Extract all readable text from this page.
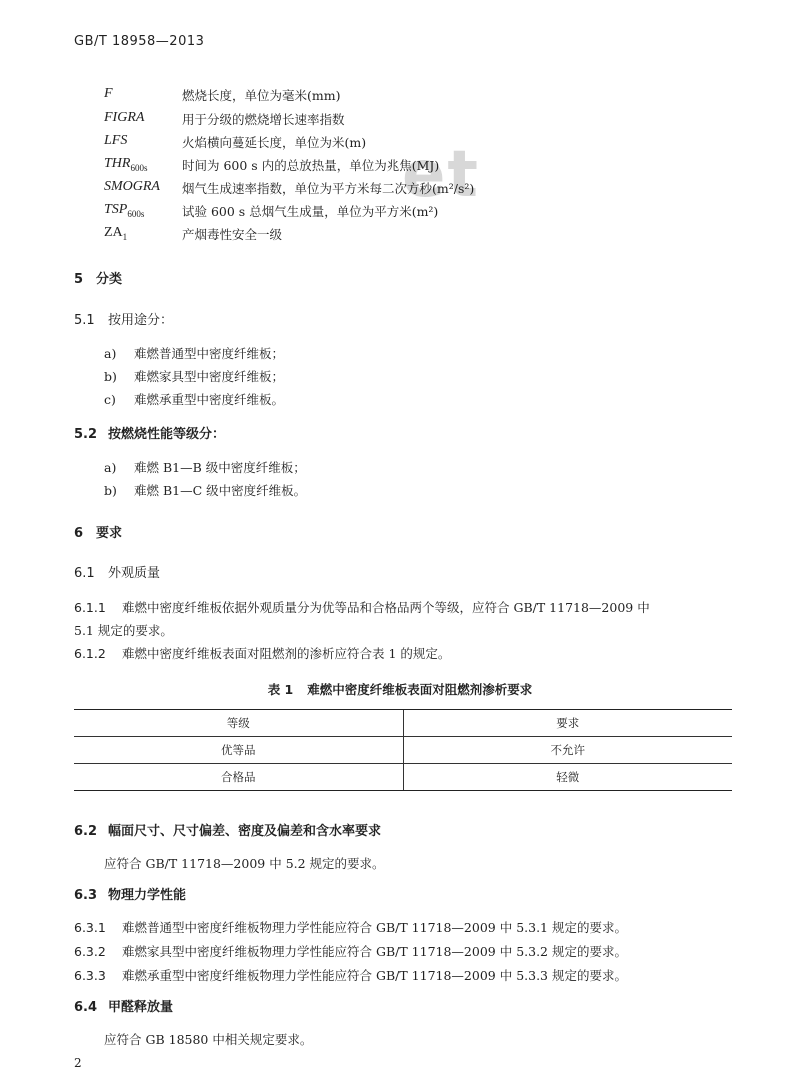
GB/T 18958—2013
et
F	燃烧长度，单位为毫米(mm)
FIGRA	用于分级的燃烧增长速率指数
LFS	火焰横向蔓延长度，单位为米(m)
$THR_{600s}$	时间为 600 s 内的总放热量，单位为兆焦(MJ)
SMOGRA 烟气生成速率指数，单位为平方米每二次方秒(m²/s²)
$TSP_{600s}$	试验 600 s 总烟气生成量，单位为平方米(m²)
$ZA_1$	产烟毒性安全一级
5 分类
5.1 按用途分：
a) 难燃普通型中密度纤维板；
b) 难燃家具型中密度纤维板；
c) 难燃承重型中密度纤维板。
5.2 按燃烧性能等级分：
a) 难燃 B1—B 级中密度纤维板；
b) 难燃 B1—C 级中密度纤维板。
6 要求
6.1 外观质量
6.1.1 难燃中密度纤维板依据外观质量分为优等品和合格品两个等级，应符合 GB/T 11718—2009 中
5.1 规定的要求。
6.1.2 难燃中密度纤维板表面对阻燃剂的渗析应符合表 1 的规定。
表 1 难燃中密度纤维板表面对阻燃剂渗析要求
等级	要求
优等品	不允许
合格品	轻微
6.2 幅面尺寸、尺寸偏差、密度及偏差和含水率要求
应符合 GB/T 11718—2009 中 5.2 规定的要求。
6.3 物理力学性能
6.3.1 难燃普通型中密度纤维板物理力学性能应符合 GB/T 11718—2009 中 5.3.1 规定的要求。
6.3.2 难燃家具型中密度纤维板物理力学性能应符合 GB/T 11718—2009 中 5.3.2 规定的要求。
6.3.3 难燃承重型中密度纤维板物理力学性能应符合 GB/T 11718—2009 中 5.3.3 规定的要求。
6.4 甲醛释放量
应符合 GB 18580 中相关规定要求。
2
